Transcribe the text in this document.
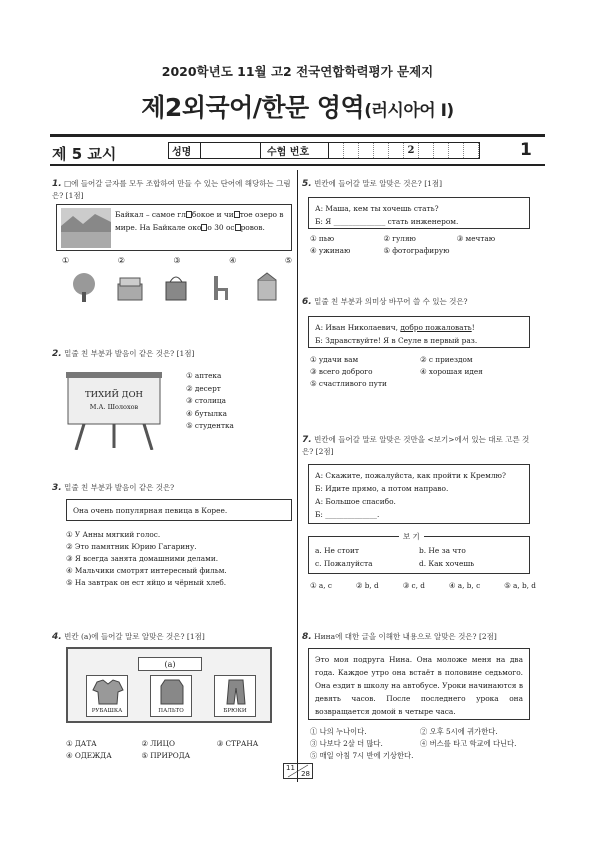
2020학년도 11월 고2 전국연합학력평가 문제지
제2외국어/한문 영역(러시아어 Ⅰ)
제 5 교시	성명	수험 번호	2	1
1. □에 들어갈 글자를 모두 조합하여 만들 수 있는 단어에 해당하는 그림은? [1점]
Байкал – самое гл бокое и чи тое озеро в мире. На Байкале око о 30 ос ровов.
①	②	③	④	⑤
2. 밑줄 친 부분과 발음이 같은 것은? [1점]
ТИХИЙ ДОН
М.А. Шолохов
① аптека
② десерт
③ столица
④ бутылка
⑤ студентка
3. 밑줄 친 부분과 발음이 같은 것은?
Она очень популярная певица в Корее.
① У Анны мягкий голос.
② Это памятник Юрию Гагарину.
③ Я всегда занята домашними делами.
④ Мальчики смотрят интересный фильм.
⑤ На завтрак он ест яйцо и чёрный хлеб.
4. 빈칸 (a)에 들어갈 말로 알맞은 것은? [1점]
(a)
РУБАШКА	ПАЛЬТО	БРЮКИ
① ДАТА	② ЛИЦО	③ СТРАНА
④ ОДЕЖДА	⑤ ПРИРОДА
5. 빈칸에 들어갈 말로 알맞은 것은? [1점]
А: Маша, кем ты хочешь стать?
Б: Я ______________ стать инженером.
① пью	② гуляю	③ мечтаю
④ ужинаю	⑤ фотографирую
6. 밑줄 친 부분과 의미상 바꾸어 쓸 수 있는 것은?
А: Иван Николаевич, добро пожаловать!
Б: Здравствуйте! Я в Сеуле в первый раз.
① удачи вам	② с приездом
③ всего доброго	④ хорошая идея
⑤ счастливого пути
7. 빈칸에 들어갈 말로 알맞은 것만을 <보기>에서 있는 대로 고른 것은? [2점]
А: Скажите, пожалуйста, как пройти к Кремлю?
Б: Идите прямо, а потом направо.
А: Большое спасибо.
Б: ______________.
보 기
a. Не стоит	b. Не за что
c. Пожалуйста	d. Как хочешь
① a, c	② b, d	③ c, d	④ a, b, c	⑤ a, b, d
8. Нина에 대한 글을 이해한 내용으로 알맞은 것은? [2점]
Это моя подруга Нина. Она моложе меня на два года. Каждое утро она встаёт в половине седьмого. Она ездит в школу на автобусе. Уроки начинаются в девять часов. После последнего урока она возвращается домой в четыре часа.
① 나의 누나이다.	② 오후 5시에 귀가한다.
③ 나보다 2살 더 많다.	④ 버스를 타고 학교에 다닌다.
⑤ 매일 아침 7시 반에 기상한다.
11
28
